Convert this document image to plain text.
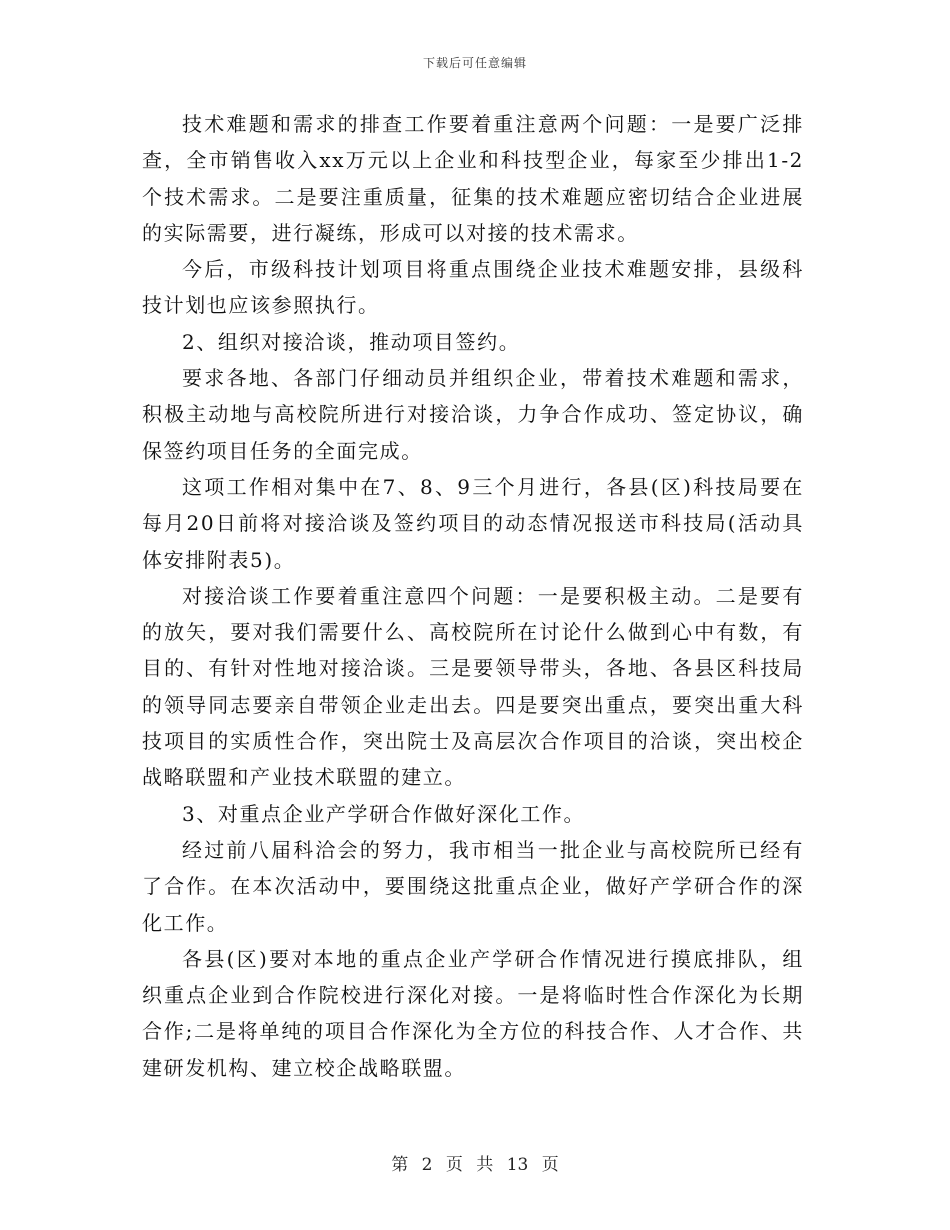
下载后可任意编辑

技术难题和需求的排查工作要着重注意两个问题：一是要广泛排查，全市销售收入xx万元以上企业和科技型企业，每家至少排出1-2个技术需求。二是要注重质量，征集的技术难题应密切结合企业进展的实际需要，进行凝练，形成可以对接的技术需求。

今后，市级科技计划项目将重点围绕企业技术难题安排，县级科技计划也应该参照执行。

2、组织对接洽谈，推动项目签约。

要求各地、各部门仔细动员并组织企业，带着技术难题和需求，积极主动地与高校院所进行对接洽谈，力争合作成功、签定协议，确保签约项目任务的全面完成。

这项工作相对集中在7、8、9三个月进行，各县(区)科技局要在每月20日前将对接洽谈及签约项目的动态情况报送市科技局(活动具体安排附表5)。

对接洽谈工作要着重注意四个问题：一是要积极主动。二是要有的放矢，要对我们需要什么、高校院所在讨论什么做到心中有数，有目的、有针对性地对接洽谈。三是要领导带头，各地、各县区科技局的领导同志要亲自带领企业走出去。四是要突出重点，要突出重大科技项目的实质性合作，突出院士及高层次合作项目的洽谈，突出校企战略联盟和产业技术联盟的建立。

3、对重点企业产学研合作做好深化工作。

经过前八届科洽会的努力，我市相当一批企业与高校院所已经有了合作。在本次活动中，要围绕这批重点企业，做好产学研合作的深化工作。

各县(区)要对本地的重点企业产学研合作情况进行摸底排队，组织重点企业到合作院校进行深化对接。一是将临时性合作深化为长期合作;二是将单纯的项目合作深化为全方位的科技合作、人才合作、共建研发机构、建立校企战略联盟。

第 2 页 共 13 页
